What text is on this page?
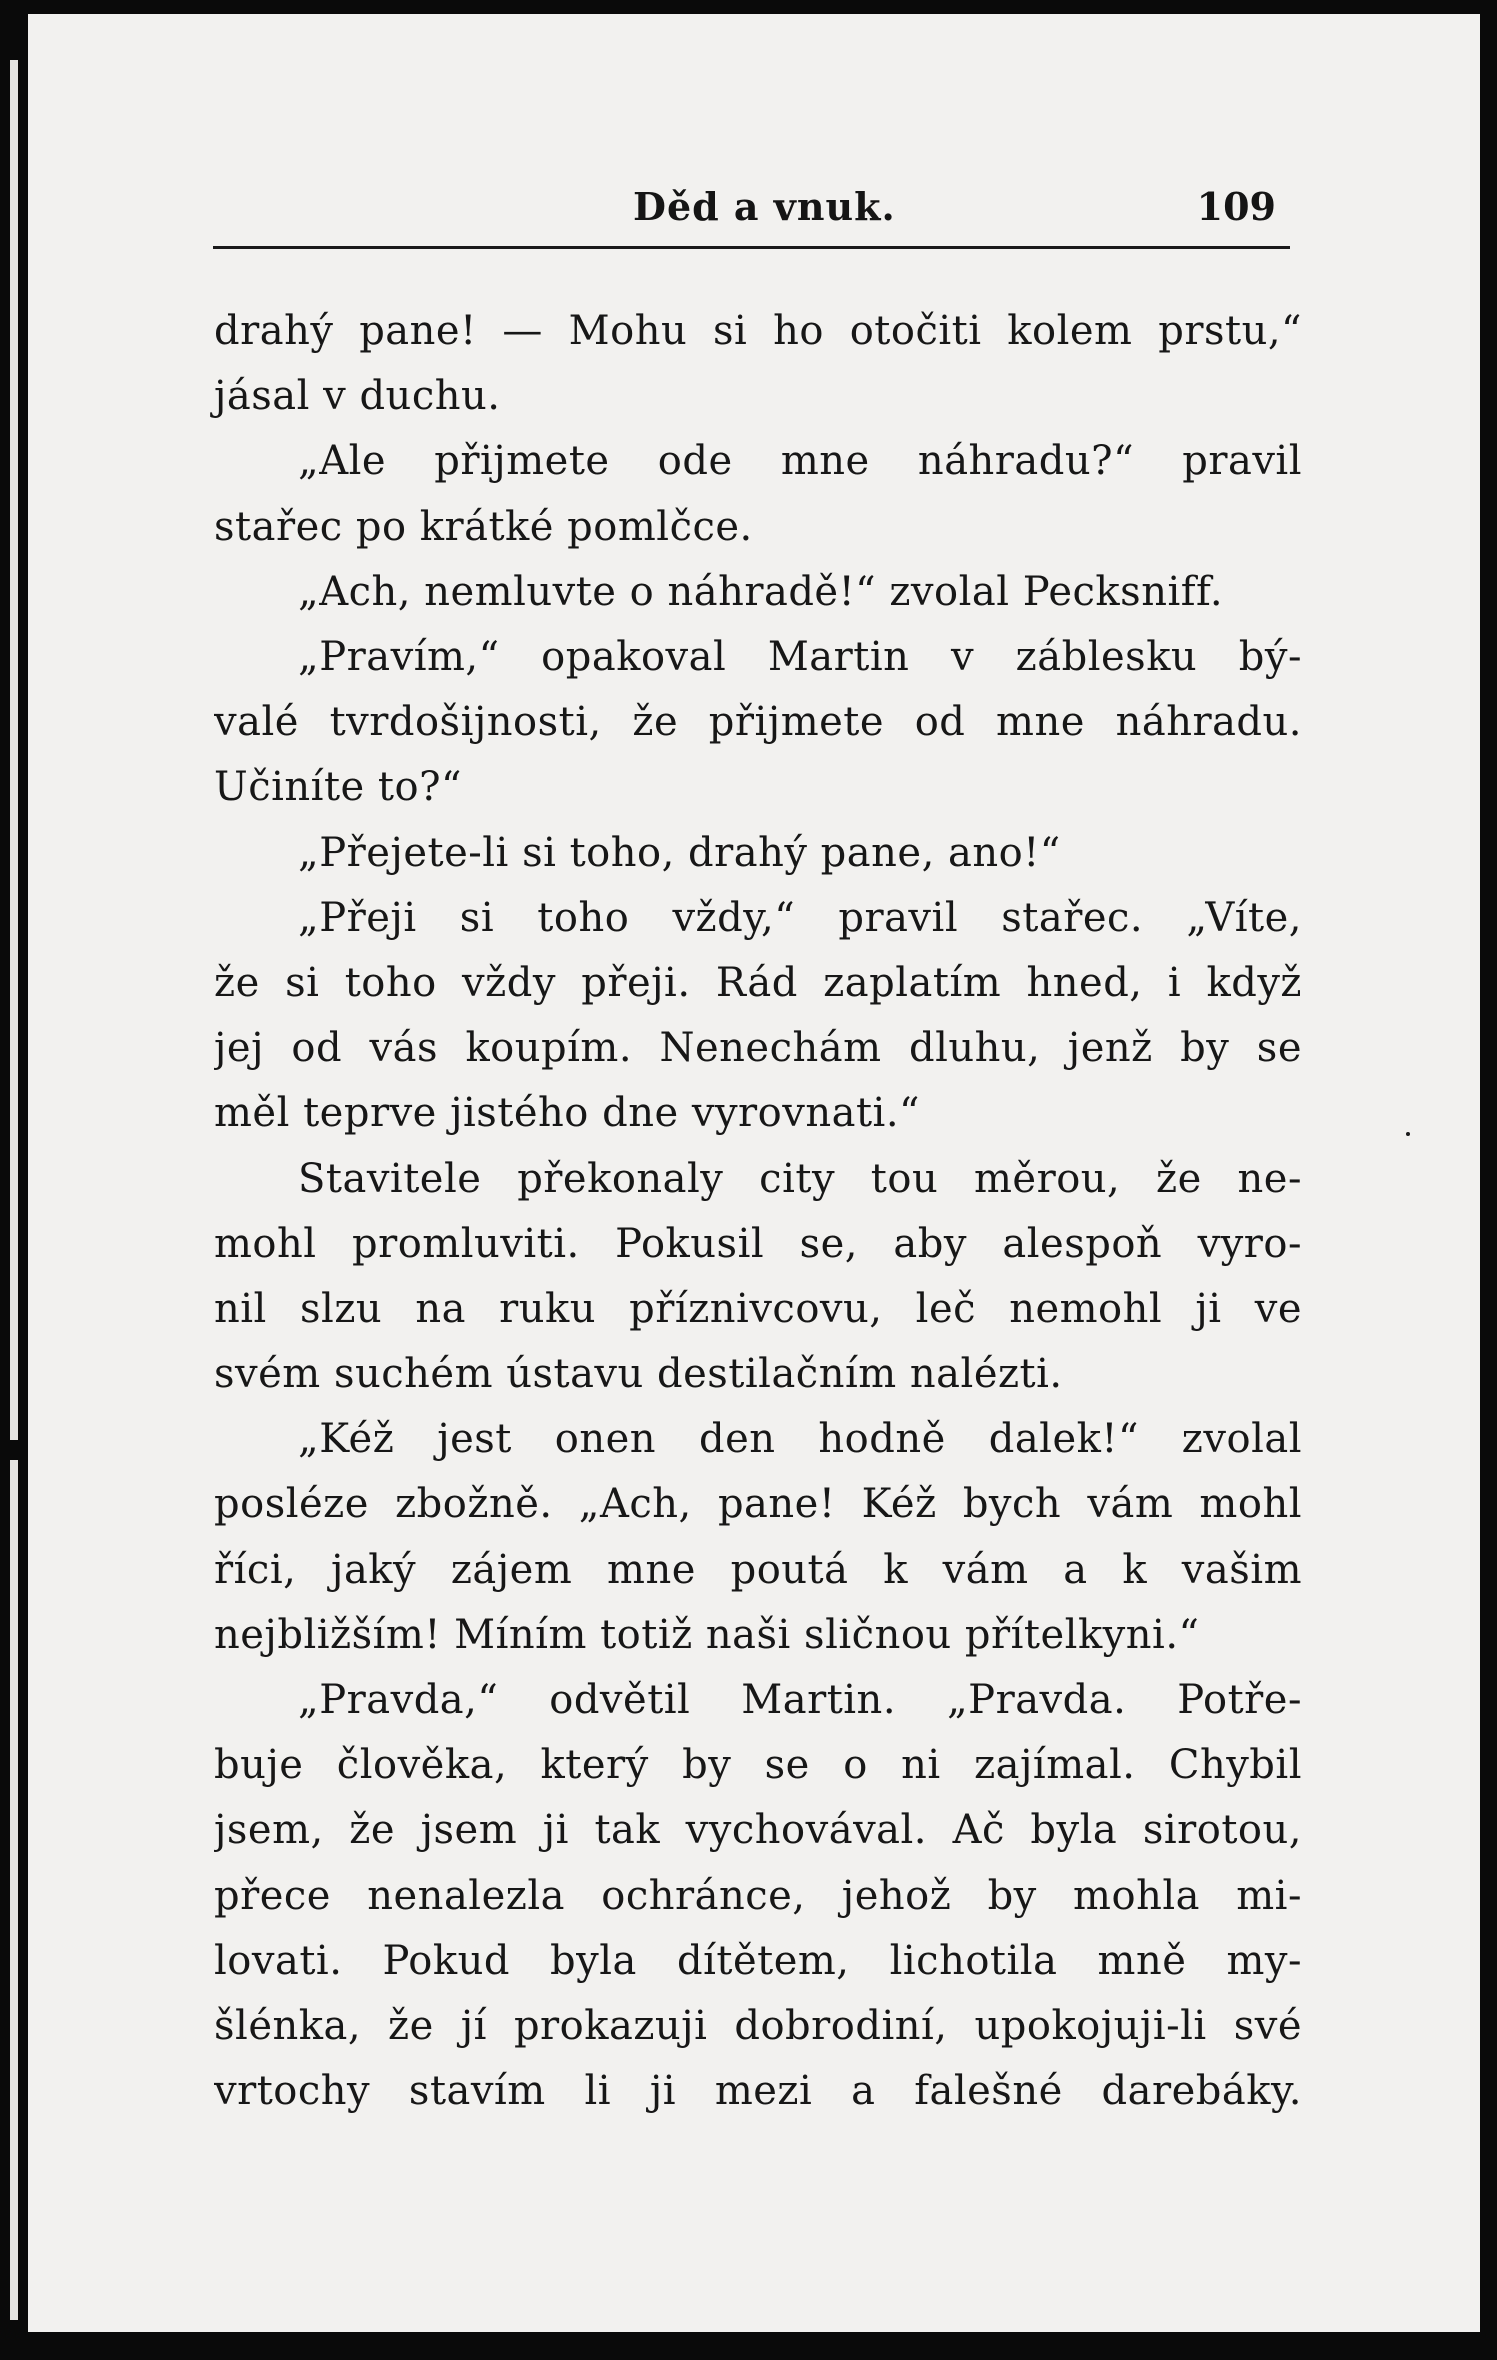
Děd a vnuk.	109
drahý pane! — Mohu si ho otočiti kolem prstu,“
jásal v duchu.
„Ale přijmete ode mne náhradu?“ pravil
stařec po krátké pomlčce.
„Ach, nemluvte o náhradě!“ zvolal Pecksniff.
„Pravím,“ opakoval Martin v záblesku bý-
valé tvrdošijnosti, že přijmete od mne náhradu.
Učiníte to?“
„Přejete-li si toho, drahý pane, ano!“
„Přeji si toho vždy,“ pravil stařec. „Víte,
že si toho vždy přeji. Rád zaplatím hned, i když
jej od vás koupím. Nenechám dluhu, jenž by se
měl teprve jistého dne vyrovnati.“
Stavitele překonaly city tou měrou, že ne-
mohl promluviti. Pokusil se, aby alespoň vyro-
nil slzu na ruku příznivcovu, leč nemohl ji ve
svém suchém ústavu destilačním nalézti.
„Kéž jest onen den hodně dalek!“ zvolal
posléze zbožně. „Ach, pane! Kéž bych vám mohl
říci, jaký zájem mne poutá k vám a k vašim
nejbližším! Míním totiž naši sličnou přítelkyni.“
„Pravda,“ odvětil Martin. „Pravda. Potře-
buje člověka, který by se o ni zajímal. Chybil
jsem, že jsem ji tak vychovával. Ač byla sirotou,
přece nenalezla ochránce, jehož by mohla mi-
lovati. Pokud byla dítětem, lichotila mně my-
šlénka, že jí prokazuji dobrodiní, upokojuji-li své
vrtochy stavím li ji mezi a falešné darebáky.
